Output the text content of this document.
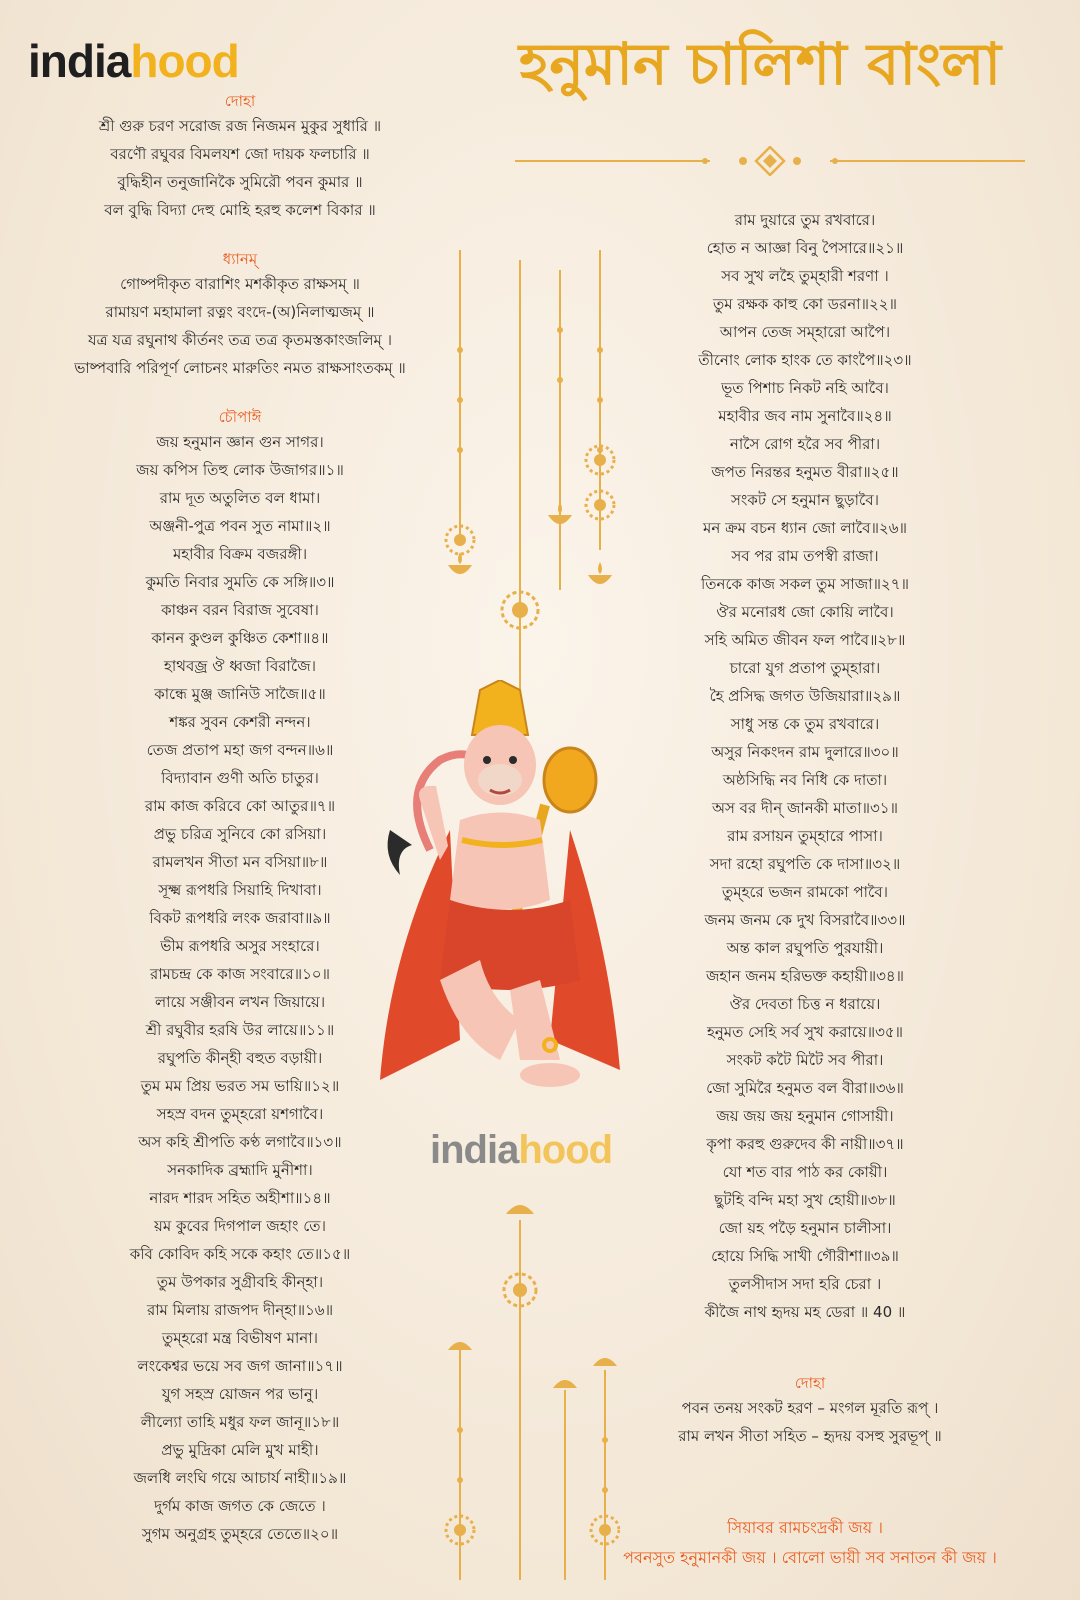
indiahood	হনুমান চালিশা বাংলা
দোহা
শ্রী গুরু চরণ সরোজ রজ নিজমন মুকুর সুধারি ॥
বরণৌ রঘুবর বিমলযশ জো দায়ক ফলচারি ॥
বুদ্ধিহীন তনুজানিকৈ সুমিরৌ পবন কুমার ॥
বল বুদ্ধি বিদ্যা দেহু মোহি হরহু কলেশ বিকার ॥
ধ্যানম্
গোষ্পদীকৃত বারাশিং মশকীকৃত রাক্ষসম্ ॥
রামায়ণ মহামালা রত্নং বংদে-(অ)নিলাত্মজম্ ॥
যত্র যত্র রঘুনাথ কীর্তনং তত্র তত্র কৃতমস্তকাংজলিম্ ।
ভাষ্পবারি পরিপূর্ণ লোচনং মারুতিং নমত রাক্ষসাংতকম্ ॥
চৌপাঈ
জয় হনুমান জ্ঞান গুন সাগর।
জয় কপিস তিহু লোক উজাগর॥১॥
রাম দূত অতুলিত বল ধামা।
অঞ্জনী-পুত্র পবন সুত নামা॥২॥
মহাবীর বিক্রম বজরঙ্গী।
কুমতি নিবার সুমতি কে সঙ্গি॥৩॥
কাঞ্চন বরন বিরাজ সুবেষা।
কানন কুণ্ডল কুঞ্চিত কেশা॥৪॥
হাথবজ্র ঔ ধ্বজা বিরাজৈ।
কান্ধে মুঞ্জ জানিউ সাজৈ॥৫॥
শঙ্কর সুবন কেশরী নন্দন।
তেজ প্রতাপ মহা জগ বন্দন॥৬॥
বিদ্যাবান গুণী অতি চাতুর।
রাম কাজ করিবে কো আতুর॥৭॥
প্রভু চরিত্র সুনিবে কো রসিয়া।
রামলখন সীতা মন বসিয়া॥৮॥
সূক্ষ্ম রূপধরি সিয়াহি দিখাবা।
বিকট রূপধরি লংক জরাবা॥৯॥
ভীম রূপধরি অসুর সংহারে।
রামচন্দ্র কে কাজ সংবারে॥১০॥
লায়ে সঞ্জীবন লখন জিয়ায়ে।
শ্রী রঘুবীর হরষি উর লায়ে॥১১॥
রঘুপতি কীন্হী বহুত বড়ায়ী।
তুম মম প্রিয় ভরত সম ভায়ি॥১২॥
সহস্র বদন তুম্হরো য়শগাবৈ।
অস কহি শ্রীপতি কণ্ঠ লগাবৈ॥১৩॥
সনকাদিক ব্রহ্মাদি মুনীশা।
নারদ শারদ সহিত অহীশা॥১৪॥
য়ম কুবের দিগপাল জহাং তে।
কবি কোবিদ কহি সকে কহাং তে॥১৫॥
তুম উপকার সুগ্রীবহি কীন্হা।
রাম মিলায় রাজপদ দীন্হা॥১৬॥
তুম্হরো মন্ত্র বিভীষণ মানা।
লংকেশ্বর ভয়ে সব জগ জানা॥১৭॥
যুগ সহস্র য়োজন পর ভানু।
লীল্যো তাহি মধুর ফল জানূ॥১৮॥
প্রভু মুদ্রিকা মেলি মুখ মাহী।
জলধি লংঘি গয়ে আচার্য নাহী॥১৯॥
দুর্গম কাজ জগত কে জেতে ।
সুগম অনুগ্রহ তুম্হরে তেতে॥২০॥
রাম দুয়ারে তুম রখবারে।
হোত ন আজ্ঞা বিনু পৈসারে॥২১॥
সব সুখ লহৈ তুম্হারী শরণা ।
তুম রক্ষক কাহু কো ডরনা॥২২॥
আপন তেজ সম্হারো আপৈ।
তীনোং লোক হাংক তে কাংপৈ॥২৩॥
ভূত পিশাচ নিকট নহি আবৈ।
মহাবীর জব নাম সুনাবৈ॥২৪॥
নাসৈ রোগ হরৈ সব পীরা।
জপত নিরন্তর হনুমত বীরা॥২৫॥
সংকট সে হনুমান ছুড়াবৈ।
মন ক্রম বচন ধ্যান জো লাবৈ॥২৬॥
সব পর রাম তপস্বী রাজা।
তিনকে কাজ সকল তুম সাজা॥২৭॥
ঔর মনোরধ জো কোয়ি লাবৈ।
সহি অমিত জীবন ফল পাবৈ॥২৮॥
চারো যুগ প্রতাপ তুম্হারা।
হৈ প্রসিদ্ধ জগত উজিয়ারা॥২৯॥
সাধু সন্ত কে তুম রখবারে।
অসুর নিকংদন রাম দুলারে॥৩০॥
অষ্ঠসিদ্ধি নব নিধি কে দাতা।
অস বর দীন্ জানকী মাতা॥৩১॥
রাম রসায়ন তুম্হারে পাসা।
সদা রহো রঘুপতি কে দাসা॥৩২॥
তুম্হরে ভজন রামকো পাবৈ।
জনম জনম কে দুখ বিসরাবৈ॥৩৩॥
অন্ত কাল রঘুপতি পুরযায়ী।
জহান জনম হরিভক্ত কহায়ী॥৩৪॥
ঔর দেবতা চিত্ত ন ধরায়ে।
হনুমত সেহি সর্ব সুখ করায়ে॥৩৫॥
সংকট কটৈ মিটৈ সব পীরা।
জো সুমিরৈ হনুমত বল বীরা॥৩৬॥
জয় জয় জয় হনুমান গোসায়ী।
কৃপা করহু গুরুদেব কী নায়ী॥৩৭॥
যো শত বার পাঠ কর কোয়ী।
ছুটহি বন্দি মহা সুখ হোয়ী॥৩৮॥
জো য়হ পড়ৈ হনুমান চালীসা।
হোয়ে সিদ্ধি সাখী গৌরীশা॥৩৯॥
তুলসীদাস সদা হরি চেরা ।
কীজৈ নাথ হৃদয় মহ ডেরা ॥ 40 ॥
দোহা
পবন তনয় সংকট হরণ – মংগল মূরতি রূপ্ ।
রাম লখন সীতা সহিত – হৃদয় বসহু সুরভূপ্ ॥
সিয়াবর রামচংদ্রকী জয় ।
পবনসুত হনুমানকী জয় । বোলো ভায়ী সব সনাতন কী জয় ।
indiahood
